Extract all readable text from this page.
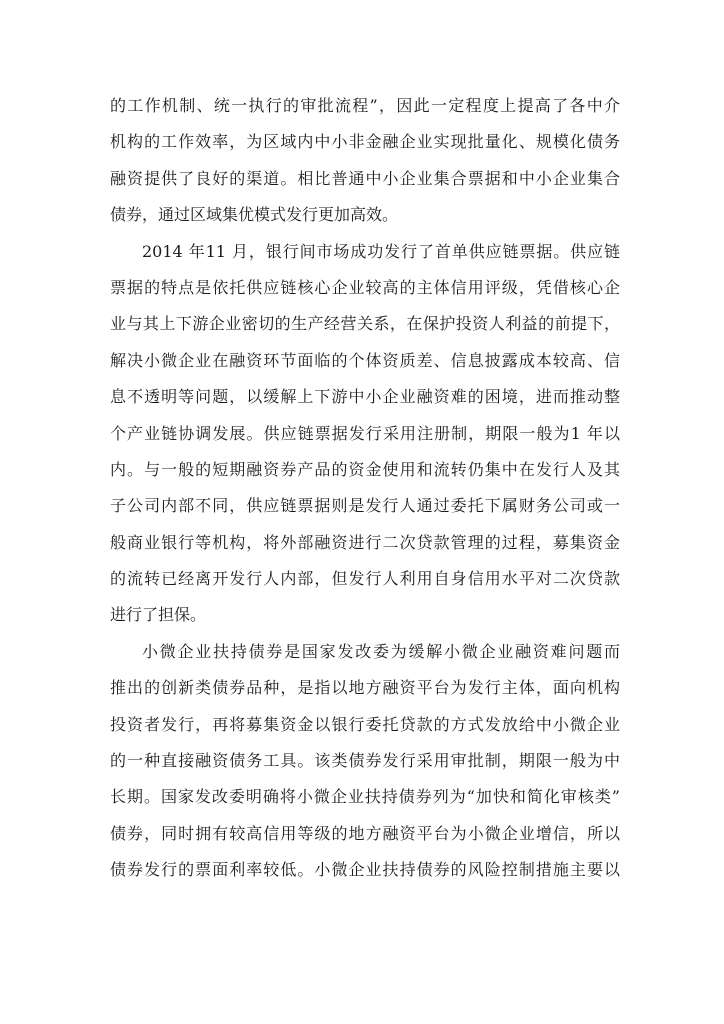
的工作机制、统一执行的审批流程”，因此一定程度上提高了各中介
机构的工作效率，为区域内中小非金融企业实现批量化、规模化债务
融资提供了良好的渠道。相比普通中小企业集合票据和中小企业集合
债券，通过区域集优模式发行更加高效。
2014 年11 月，银行间市场成功发行了首单供应链票据。供应链
票据的特点是依托供应链核心企业较高的主体信用评级，凭借核心企
业与其上下游企业密切的生产经营关系，在保护投资人利益的前提下，
解决小微企业在融资环节面临的个体资质差、信息披露成本较高、信
息不透明等问题，以缓解上下游中小企业融资难的困境，进而推动整
个产业链协调发展。供应链票据发行采用注册制，期限一般为1 年以
内。与一般的短期融资券产品的资金使用和流转仍集中在发行人及其
子公司内部不同，供应链票据则是发行人通过委托下属财务公司或一
般商业银行等机构，将外部融资进行二次贷款管理的过程，募集资金
的流转已经离开发行人内部，但发行人利用自身信用水平对二次贷款
进行了担保。
小微企业扶持债券是国家发改委为缓解小微企业融资难问题而
推出的创新类债券品种，是指以地方融资平台为发行主体，面向机构
投资者发行，再将募集资金以银行委托贷款的方式发放给中小微企业
的一种直接融资债务工具。该类债券发行采用审批制，期限一般为中
长期。国家发改委明确将小微企业扶持债券列为“加快和简化审核类”
债券，同时拥有较高信用等级的地方融资平台为小微企业增信，所以
债券发行的票面利率较低。小微企业扶持债券的风险控制措施主要以
